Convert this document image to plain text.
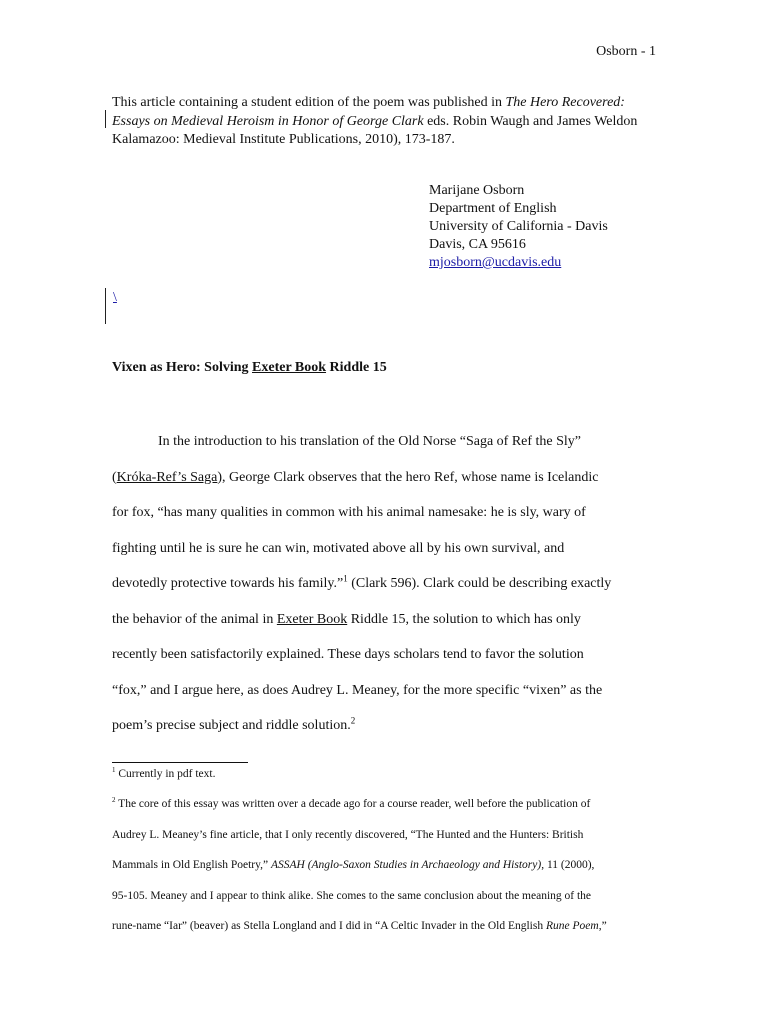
Osborn - 1
This article containing a student edition of the poem was published in The Hero Recovered: Essays on Medieval Heroism in Honor of George Clark eds. Robin Waugh and James Weldon Kalamazoo: Medieval Institute Publications, 2010), 173-187.
Marijane Osborn
Department of English
University of California - Davis
Davis, CA 95616
mjosborn@ucdavis.edu
\
Vixen as Hero: Solving Exeter Book Riddle 15
In the introduction to his translation of the Old Norse “Saga of Ref the Sly”
(Króka-Ref’s Saga), George Clark observes that the hero Ref, whose name is Icelandic
for fox, “has many qualities in common with his animal namesake: he is sly, wary of
fighting until he is sure he can win, motivated above all by his own survival, and
devotedly protective towards his family.”$^1$ (Clark 596). Clark could be describing exactly
the behavior of the animal in Exeter Book Riddle 15, the solution to which has only
recently been satisfactorily explained. These days scholars tend to favor the solution
“fox,” and I argue here, as does Audrey L. Meaney, for the more specific “vixen” as the
poem’s precise subject and riddle solution.$^2$
$^1$ Currently in pdf text.
$^2$ The core of this essay was written over a decade ago for a course reader, well before the publication of
Audrey L. Meaney’s fine article, that I only recently discovered, “The Hunted and the Hunters: British
Mammals in Old English Poetry,” ASSAH (Anglo-Saxon Studies in Archaeology and History), 11 (2000),
95-105. Meaney and I appear to think alike. She comes to the same conclusion about the meaning of the
rune-name “Iar” (beaver) as Stella Longland and I did in “A Celtic Invader in the Old English Rune Poem,”
